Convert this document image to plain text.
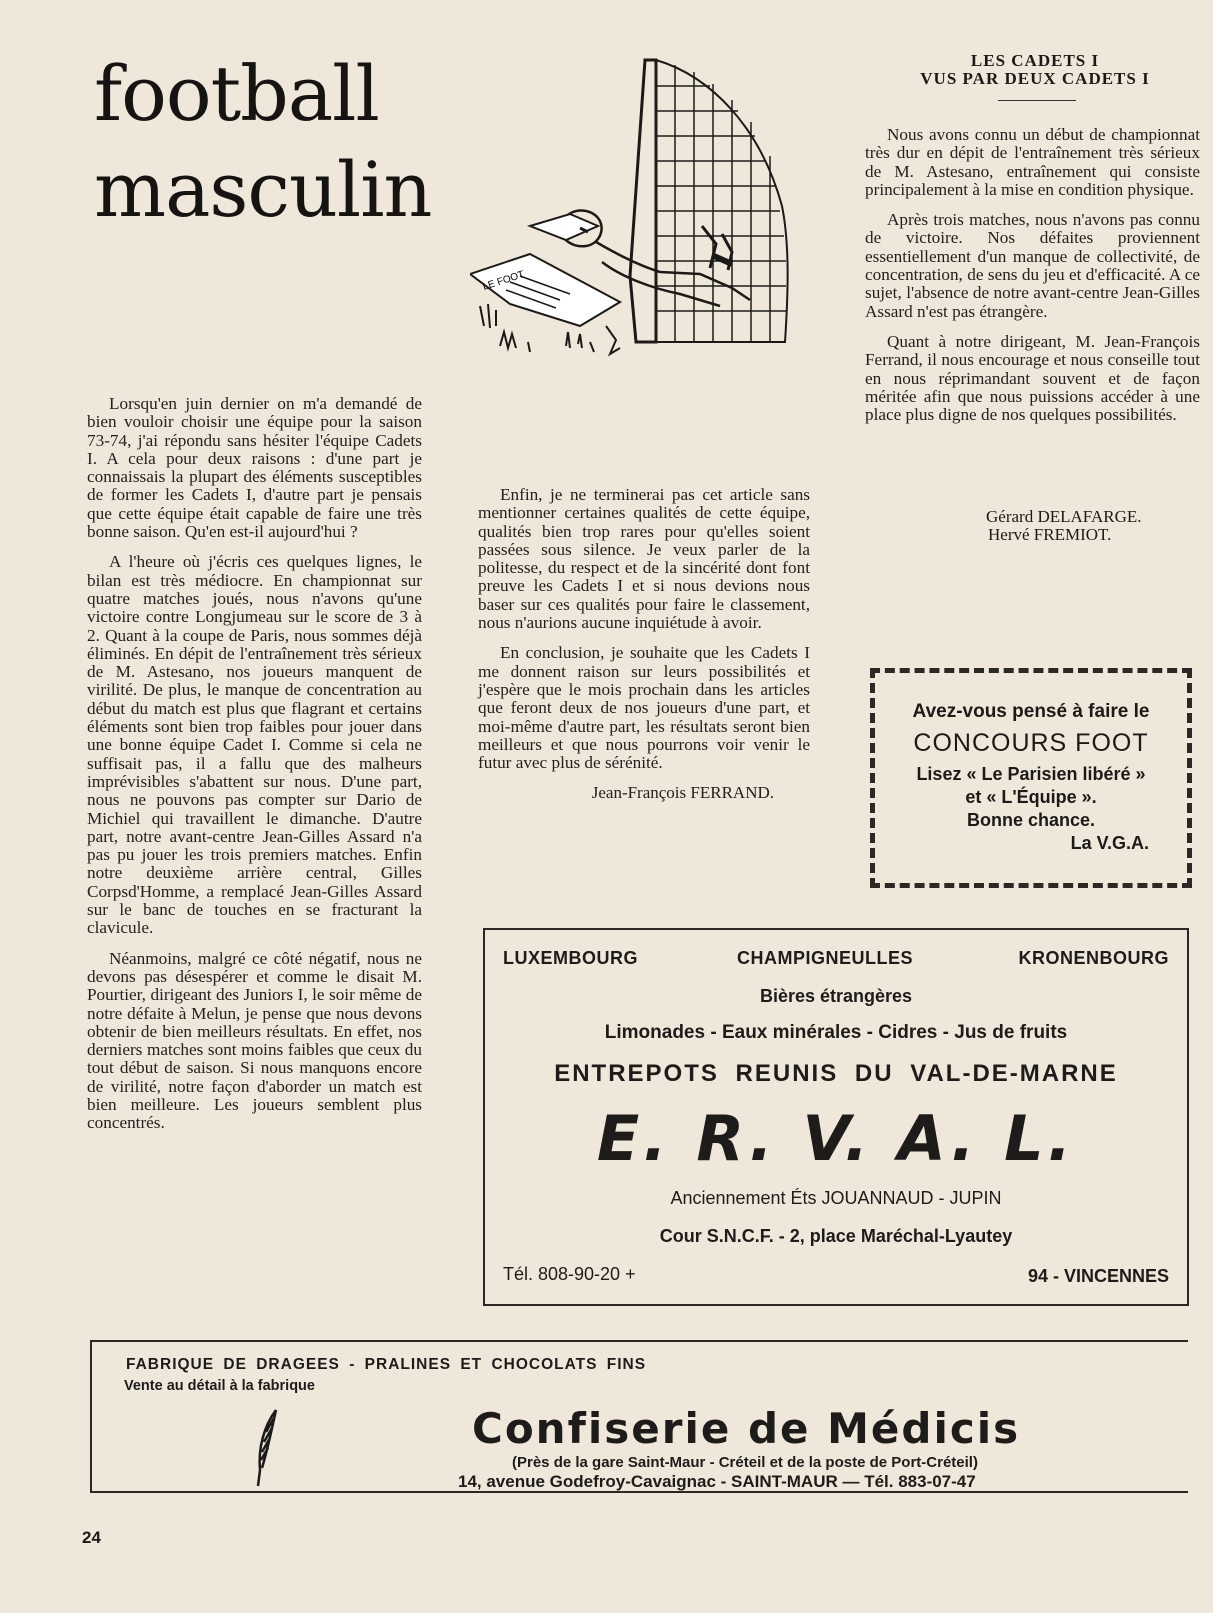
football
masculin
LE FOOT

Lorsqu'en juin dernier on m'a demandé de bien vouloir choisir une équipe pour la saison 73-74, j'ai répondu sans hésiter l'équipe Cadets I. A cela pour deux raisons : d'une part je connaissais la plupart des éléments susceptibles de former les Cadets I, d'autre part je pensais que cette équipe était capable de faire une très bonne saison. Qu'en est-il aujourd'hui ?

A l'heure où j'écris ces quelques lignes, le bilan est très médiocre. En championnat sur quatre matches joués, nous n'avons qu'une victoire contre Longjumeau sur le score de 3 à 2. Quant à la coupe de Paris, nous sommes déjà éliminés. En dépit de l'entraînement très sérieux de M. Astesano, nos joueurs manquent de virilité. De plus, le manque de concentration au début du match est plus que flagrant et certains éléments sont bien trop faibles pour jouer dans une bonne équipe Cadet I. Comme si cela ne suffisait pas, il a fallu que des malheurs imprévisibles s'abattent sur nous. D'une part, nous ne pouvons pas compter sur Dario de Michiel qui travaillent le dimanche. D'autre part, notre avant-centre Jean-Gilles Assard n'a pas pu jouer les trois premiers matches. Enfin notre deuxième arrière central, Gilles Corpsd'Homme, a remplacé Jean-Gilles Assard sur le banc de touches en se fracturant la clavicule.

Néanmoins, malgré ce côté négatif, nous ne devons pas désespérer et comme le disait M. Pourtier, dirigeant des Juniors I, le soir même de notre défaite à Melun, je pense que nous devons obtenir de bien meilleurs résultats. En effet, nos derniers matches sont moins faibles que ceux du tout début de saison. Si nous manquons encore de virilité, notre façon d'aborder un match est bien meilleure. Les joueurs semblent plus concentrés.

Enfin, je ne terminerai pas cet article sans mentionner certaines qualités de cette équipe, qualités bien trop rares pour qu'elles soient passées sous silence. Je veux parler de la politesse, du respect et de la sincérité dont font preuve les Cadets I et si nous devions nous baser sur ces qualités pour faire le classement, nous n'aurions aucune inquiétude à avoir.

En conclusion, je souhaite que les Cadets I me donnent raison sur leurs possibilités et j'espère que le mois prochain dans les articles que feront deux de nos joueurs d'une part, et moi-même d'autre part, les résultats seront bien meilleurs et que nous pourrons voir venir le futur avec plus de sérénité.

Jean-François FERRAND.
LES CADETS I
VUS PAR DEUX CADETS I

Nous avons connu un début de championnat très dur en dépit de l'entraînement très sérieux de M. Astesano, entraînement qui consiste principalement à la mise en condition physique.

Après trois matches, nous n'avons pas connu de victoire. Nos défaites proviennent essentiellement d'un manque de collectivité, de concentration, de sens du jeu et d'efficacité. A ce sujet, l'absence de notre avant-centre Jean-Gilles Assard n'est pas étrangère.

Quant à notre dirigeant, M. Jean-François Ferrand, il nous encourage et nous conseille tout en nous réprimandant souvent et de façon méritée afin que nous puissions accéder à une place plus digne de nos quelques possibilités.

Gérard DELAFARGE.
Hervé FREMIOT.
Avez-vous pensé à faire le
CONCOURS FOOT
Lisez « Le Parisien libéré »
et « L'Équipe ».
Bonne chance.
La V.G.A.
LUXEMBOURG	CHAMPIGNEULLES	KRONENBOURG
Bières étrangères
Limonades - Eaux minérales - Cidres - Jus de fruits
ENTREPOTS REUNIS DU VAL-DE-MARNE
E. R. V. A. L.
Anciennement Éts JOUANNAUD - JUPIN
Cour S.N.C.F. - 2, place Maréchal-Lyautey
Tél. 808-90-20 +	94 - VINCENNES
FABRIQUE DE DRAGEES - PRALINES ET CHOCOLATS FINS
Vente au détail à la fabrique
Confiserie de Médicis
(Près de la gare Saint-Maur - Créteil et de la poste de Port-Créteil)
14, avenue Godefroy-Cavaignac - SAINT-MAUR — Tél. 883-07-47
24
